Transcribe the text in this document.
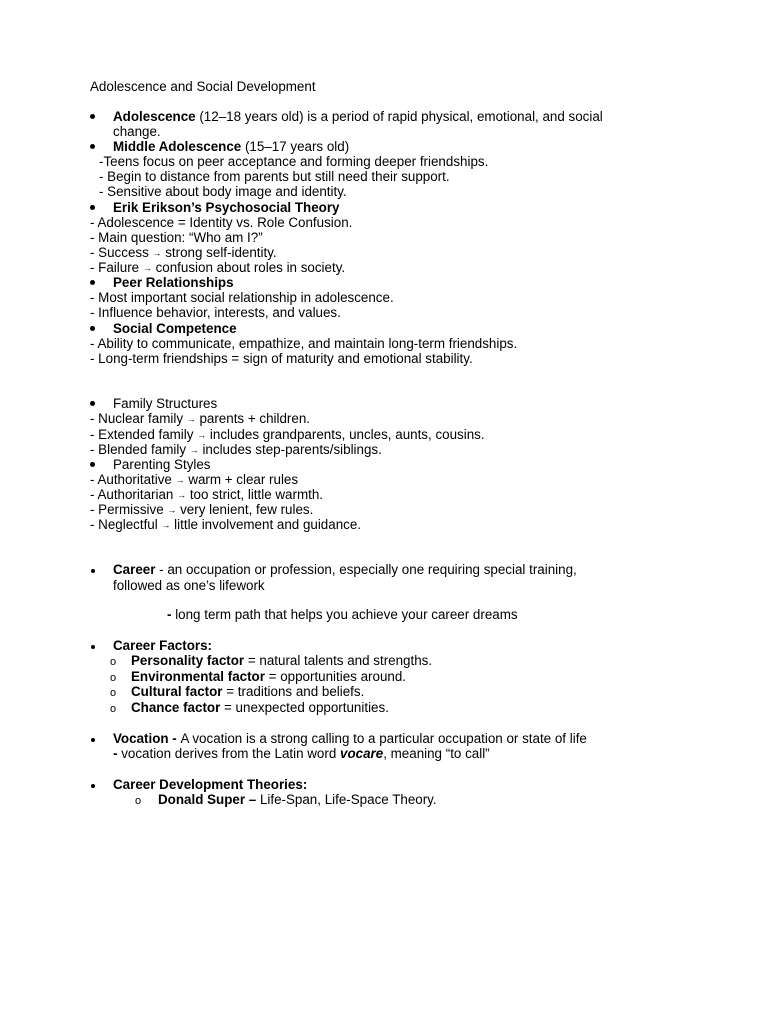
Adolescence and Social Development
Adolescence (12–18 years old) is a period of rapid physical, emotional, and social
change.
Middle Adolescence (15–17 years old)
-Teens focus on peer acceptance and forming deeper friendships.
- Begin to distance from parents but still need their support.
- Sensitive about body image and identity.
Erik Erikson’s Psychosocial Theory
- Adolescence = Identity vs. Role Confusion.
- Main question: “Who am I?”
- Success → strong self-identity.
- Failure → confusion about roles in society.
Peer Relationships
- Most important social relationship in adolescence.
- Influence behavior, interests, and values.
Social Competence
- Ability to communicate, empathize, and maintain long-term friendships.
- Long-term friendships = sign of maturity and emotional stability.
Family Structures
- Nuclear family → parents + children.
- Extended family → includes grandparents, uncles, aunts, cousins.
- Blended family → includes step-parents/siblings.
Parenting Styles
- Authoritative → warm + clear rules
- Authoritarian → too strict, little warmth.
- Permissive → very lenient, few rules.
- Neglectful → little involvement and guidance.
Career - an occupation or profession, especially one requiring special training,
followed as one’s lifework
- long term path that helps you achieve your career dreams
Career Factors:
o Personality factor = natural talents and strengths.
o Environmental factor = opportunities around.
o Cultural factor = traditions and beliefs.
o Chance factor = unexpected opportunities.
Vocation - A vocation is a strong calling to a particular occupation or state of life
- vocation derives from the Latin word vocare, meaning “to call”
Career Development Theories:
o Donald Super – Life-Span, Life-Space Theory.
